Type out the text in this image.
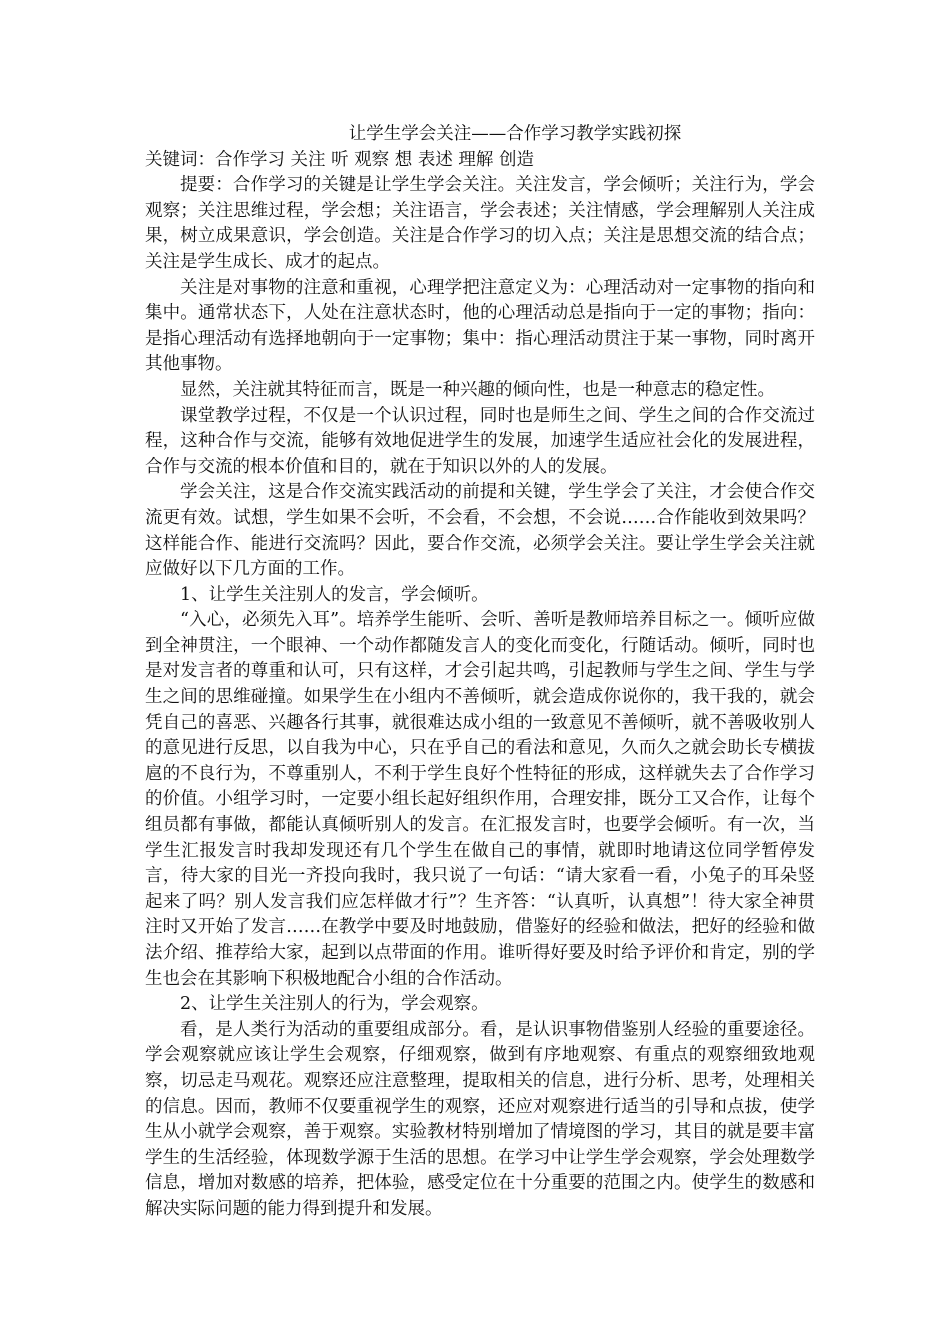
让学生学会关注——合作学习教学实践初探

关键词：合作学习 关注 听 观察 想 表述 理解 创造

提要：合作学习的关键是让学生学会关注。关注发言，学会倾听；关注行为，学会观察；关注思维过程，学会想；关注语言，学会表述；关注情感，学会理解别人关注成果，树立成果意识，学会创造。关注是合作学习的切入点；关注是思想交流的结合点；关注是学生成长、成才的起点。

关注是对事物的注意和重视，心理学把注意定义为：心理活动对一定事物的指向和集中。通常状态下，人处在注意状态时，他的心理活动总是指向于一定的事物；指向：是指心理活动有选择地朝向于一定事物；集中：指心理活动贯注于某一事物，同时离开其他事物。

显然，关注就其特征而言，既是一种兴趣的倾向性，也是一种意志的稳定性。

课堂教学过程，不仅是一个认识过程，同时也是师生之间、学生之间的合作交流过程，这种合作与交流，能够有效地促进学生的发展，加速学生适应社会化的发展进程，合作与交流的根本价值和目的，就在于知识以外的人的发展。

学会关注，这是合作交流实践活动的前提和关键，学生学会了关注，才会使合作交流更有效。试想，学生如果不会听，不会看，不会想，不会说……合作能收到效果吗？这样能合作、能进行交流吗？因此，要合作交流，必须学会关注。要让学生学会关注就应做好以下几方面的工作。

1、让学生关注别人的发言，学会倾听。

“入心，必须先入耳”。培养学生能听、会听、善听是教师培养目标之一。倾听应做到全神贯注，一个眼神、一个动作都随发言人的变化而变化，行随话动。倾听，同时也是对发言者的尊重和认可，只有这样，才会引起共鸣，引起教师与学生之间、学生与学生之间的思维碰撞。如果学生在小组内不善倾听，就会造成你说你的，我干我的，就会凭自己的喜恶、兴趣各行其事，就很难达成小组的一致意见不善倾听，就不善吸收别人的意见进行反思，以自我为中心，只在乎自己的看法和意见，久而久之就会助长专横拔扈的不良行为，不尊重别人，不利于学生良好个性特征的形成，这样就失去了合作学习的价值。小组学习时，一定要小组长起好组织作用，合理安排，既分工又合作，让每个组员都有事做，都能认真倾听别人的发言。在汇报发言时，也要学会倾听。有一次，当学生汇报发言时我却发现还有几个学生在做自己的事情，就即时地请这位同学暂停发言，待大家的目光一齐投向我时，我只说了一句话：“请大家看一看，小兔子的耳朵竖起来了吗？别人发言我们应怎样做才行”？生齐答：“认真听，认真想”！待大家全神贯注时又开始了发言……在教学中要及时地鼓励，借鉴好的经验和做法，把好的经验和做法介绍、推荐给大家，起到以点带面的作用。谁听得好要及时给予评价和肯定，别的学生也会在其影响下积极地配合小组的合作活动。

2、让学生关注别人的行为，学会观察。

看，是人类行为活动的重要组成部分。看，是认识事物借鉴别人经验的重要途径。学会观察就应该让学生会观察，仔细观察，做到有序地观察、有重点的观察细致地观察，切忌走马观花。观察还应注意整理，提取相关的信息，进行分析、思考，处理相关的信息。因而，教师不仅要重视学生的观察，还应对观察进行适当的引导和点拔，使学生从小就学会观察，善于观察。实验教材特别增加了情境图的学习，其目的就是要丰富学生的生活经验，体现数学源于生活的思想。在学习中让学生学会观察，学会处理数学信息，增加对数感的培养，把体验，感受定位在十分重要的范围之内。使学生的数感和解决实际问题的能力得到提升和发展。
